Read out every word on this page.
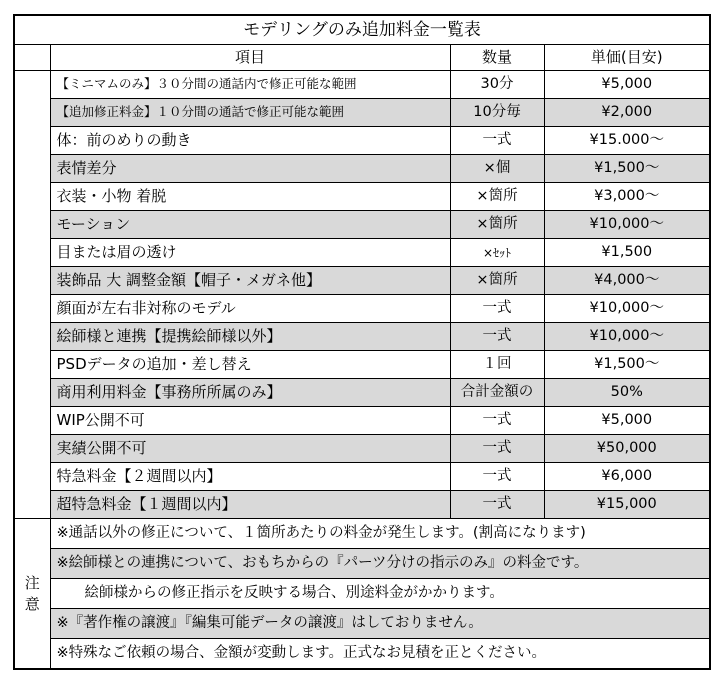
モデリングのみ追加料金一覧表			
	項目	数量	単価(目安)
	【ミニマムのみ】３０分間の通話内で修正可能な範囲	30分	¥5,000
	【追加修正料金】１０分間の通話で修正可能な範囲	10分毎	¥2,000
	体：前のめりの動き	一式	¥15.000～
	表情差分	×個	¥1,500～
	衣装・小物 着脱	×箇所	¥3,000～
	モーション	×箇所	¥10,000～
	目または眉の透け	×ｾｯﾄ	¥1,500
	装飾品 大 調整金額【帽子・メガネ他】	×箇所	¥4,000～
	顔面が左右非対称のモデル	一式	¥10,000～
	絵師様と連携【提携絵師様以外】	一式	¥10,000～
	PSDデータの追加・差し替え	１回	¥1,500～
	商用利用料金【事務所所属のみ】	合計金額の	50%
	WIP公開不可	一式	¥5,000
	実績公開不可	一式	¥50,000
	特急料金【２週間以内】	一式	¥6,000
	超特急料金【１週間以内】	一式	¥15,000
注
意	※通話以外の修正について、１箇所あたりの料金が発生します。(割高になります)		
	※絵師様との連携について、おもちからの『パーツ分けの指示のみ』の料金です。		
	絵師様からの修正指示を反映する場合、別途料金がかかります。		
	※『著作権の譲渡』『編集可能データの譲渡』はしておりません。		
	※特殊なご依頼の場合、金額が変動します。正式なお見積を正とください。		
